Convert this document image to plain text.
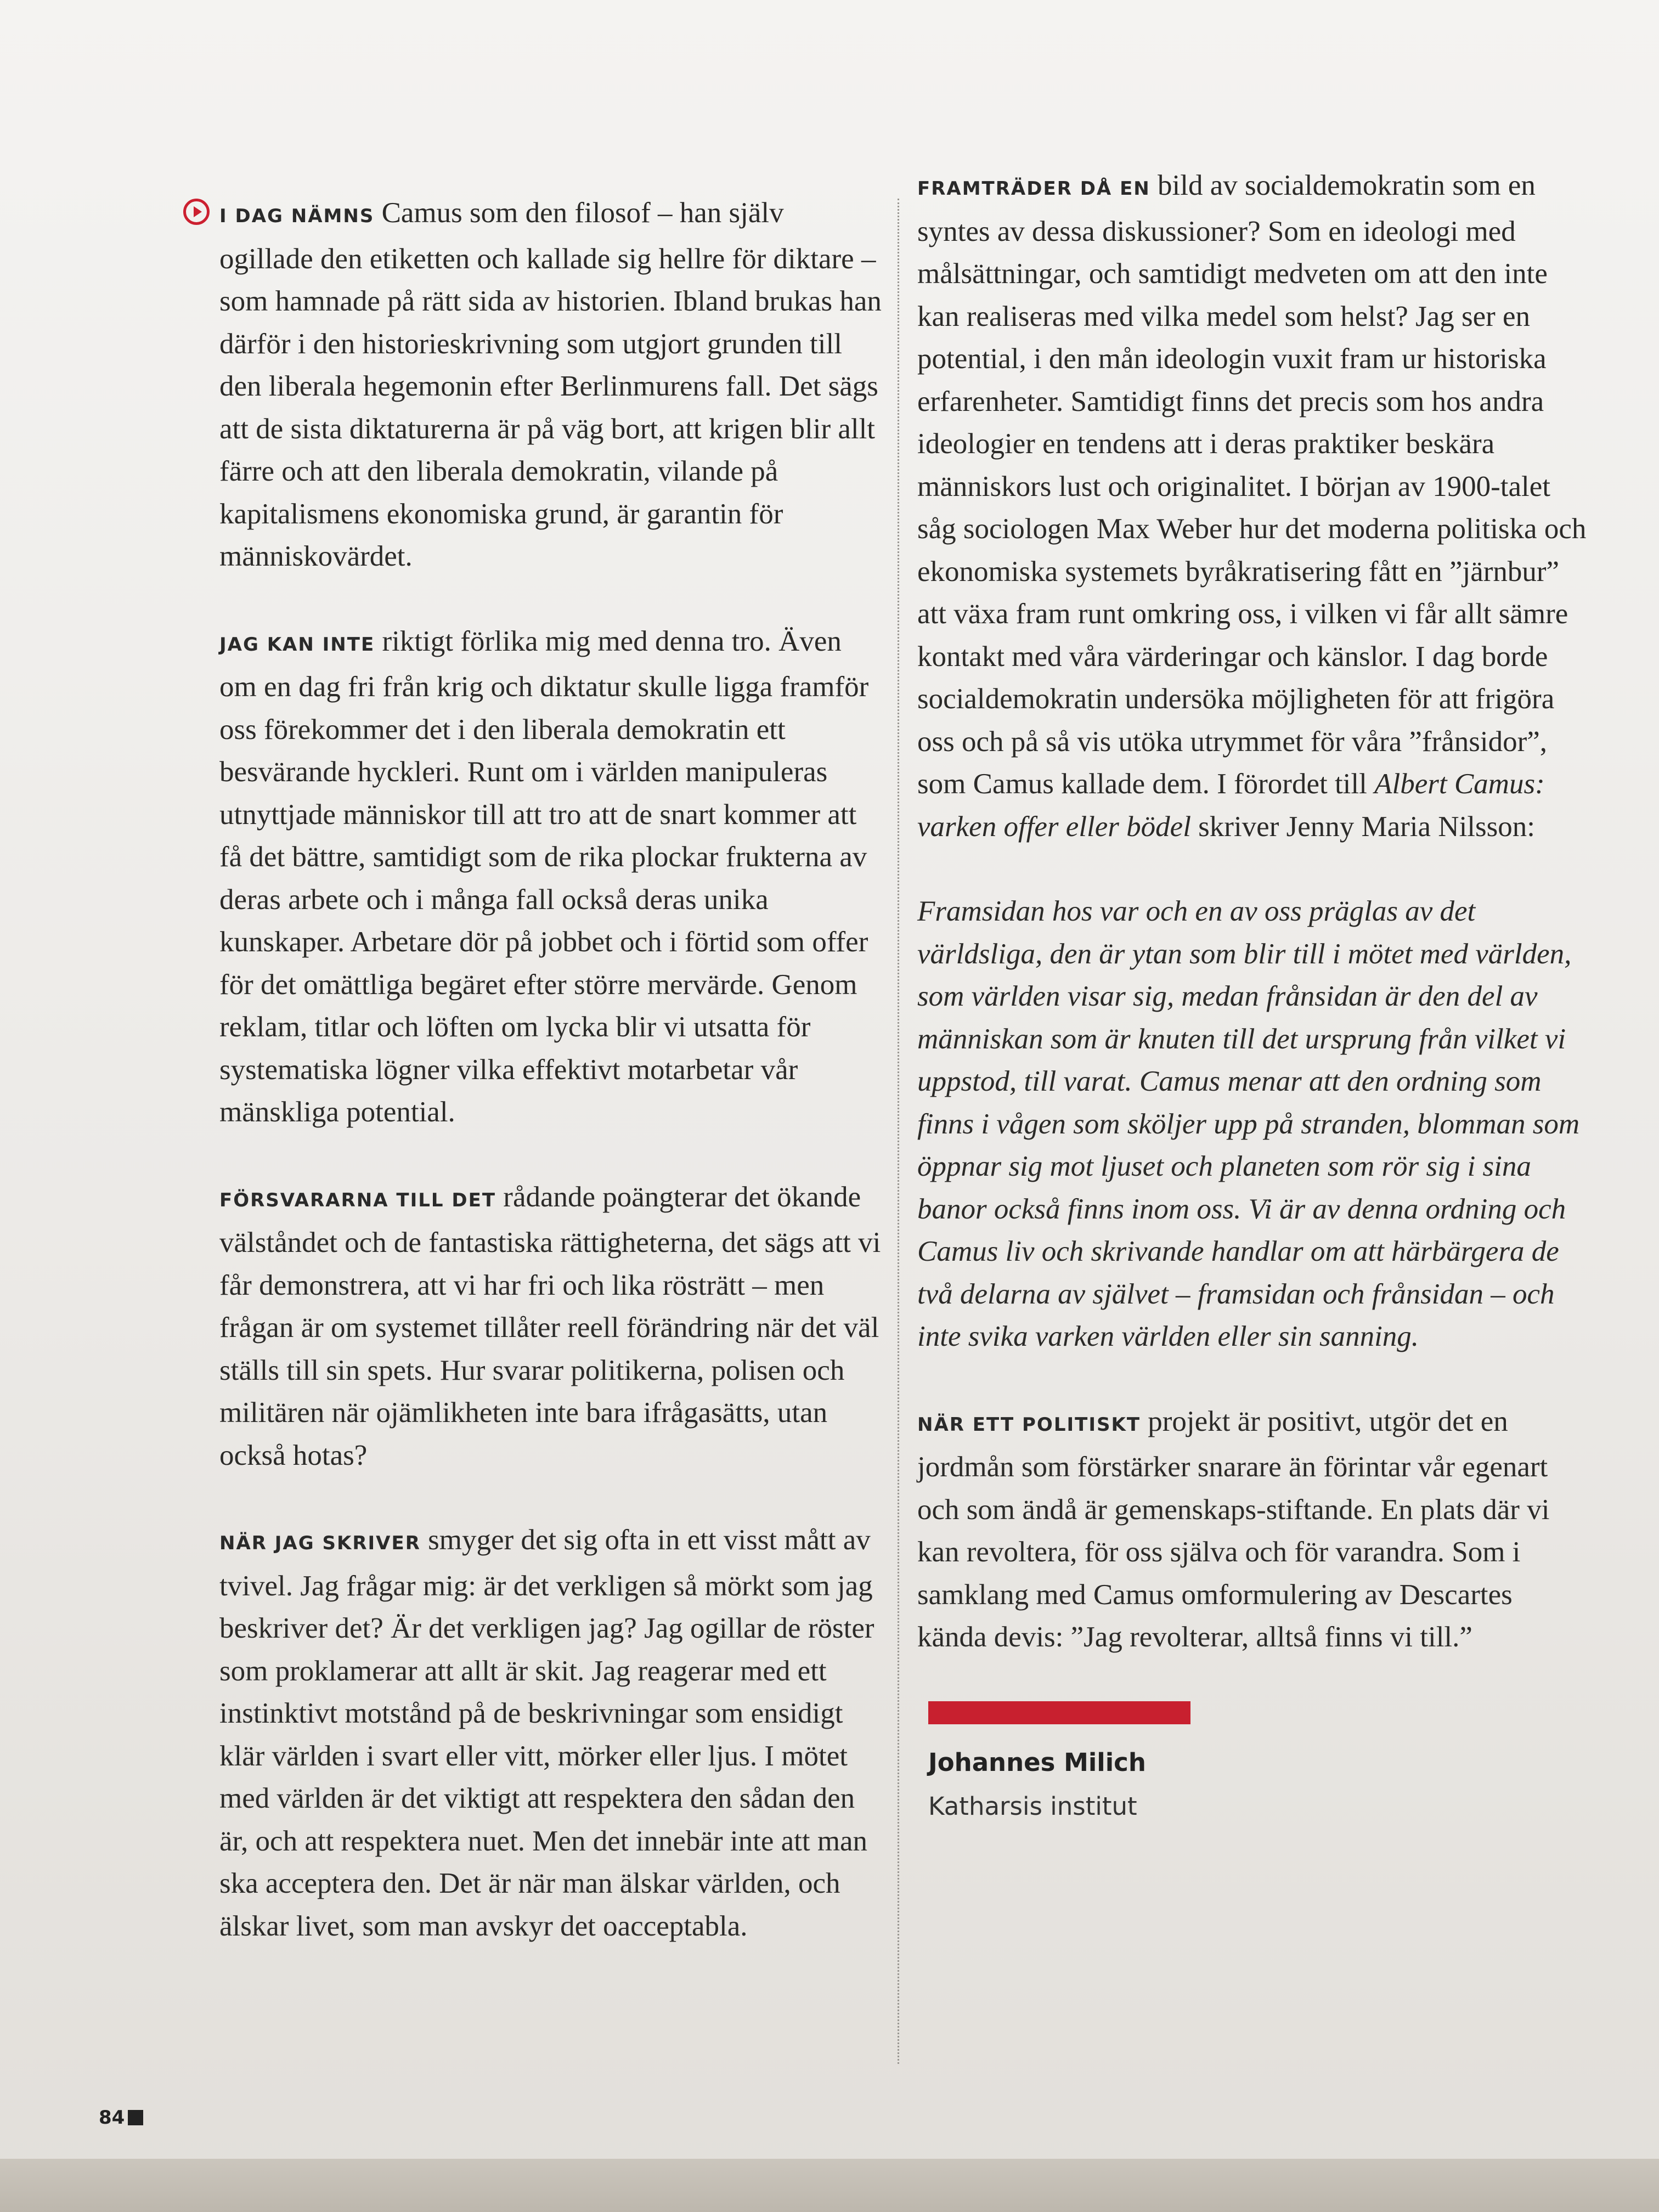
I DAG NÄMNS Camus som den filosof – han själv ogillade den etiketten och kallade sig hellre för diktare – som hamnade på rätt sida av historien. Ibland brukas han därför i den historieskrivning som utgjort grunden till den liberala hegemonin efter Berlinmurens fall. Det sägs att de sista diktaturerna är på väg bort, att krigen blir allt färre och att den liberala demokratin, vilande på kapitalismens ekonomiska grund, är garantin för människovärdet.

JAG KAN INTE riktigt förlika mig med denna tro. Även om en dag fri från krig och diktatur skulle ligga framför oss förekommer det i den liberala demokratin ett besvärande hyckleri. Runt om i världen manipuleras utnyttjade människor till att tro att de snart kommer att få det bättre, samtidigt som de rika plockar frukterna av deras arbete och i många fall också deras unika kunskaper. Arbetare dör på jobbet och i förtid som offer för det omättliga begäret efter större mervärde. Genom reklam, titlar och löften om lycka blir vi utsatta för systematiska lögner vilka effektivt motarbetar vår mänskliga potential.

FÖRSVARARNA TILL DET rådande poängterar det ökande välståndet och de fantastiska rättigheterna, det sägs att vi får demonstrera, att vi har fri och lika rösträtt – men frågan är om systemet tillåter reell förändring när det väl ställs till sin spets. Hur svarar politikerna, polisen och militären när ojämlikheten inte bara ifrågasätts, utan också hotas?

NÄR JAG SKRIVER smyger det sig ofta in ett visst mått av tvivel. Jag frågar mig: är det verkligen så mörkt som jag beskriver det? Är det verkligen jag? Jag ogillar de röster som proklamerar att allt är skit. Jag reagerar med ett instinktivt motstånd på de beskrivningar som ensidigt klär världen i svart eller vitt, mörker eller ljus. I mötet med världen är det viktigt att respektera den sådan den är, och att respektera nuet. Men det innebär inte att man ska acceptera den. Det är när man älskar världen, och älskar livet, som man avskyr det oacceptabla.

FRAMTRÄDER DÅ EN bild av socialdemokratin som en syntes av dessa diskussioner? Som en ideologi med målsättningar, och samtidigt medveten om att den inte kan realiseras med vilka medel som helst? Jag ser en potential, i den mån ideologin vuxit fram ur historiska erfarenheter. Samtidigt finns det precis som hos andra ideologier en tendens att i deras praktiker beskära människors lust och originalitet. I början av 1900-talet såg sociologen Max Weber hur det moderna politiska och ekonomiska systemets byråkratisering fått en ”järnbur” att växa fram runt omkring oss, i vilken vi får allt sämre kontakt med våra värderingar och känslor. I dag borde socialdemokratin undersöka möjligheten för att frigöra oss och på så vis utöka utrymmet för våra ”frånsidor”, som Camus kallade dem. I förordet till Albert Camus: varken offer eller bödel skriver Jenny Maria Nilsson:

Framsidan hos var och en av oss präglas av det världsliga, den är ytan som blir till i mötet med världen, som världen visar sig, medan frånsidan är den del av människan som är knuten till det ursprung från vilket vi uppstod, till varat. Camus menar att den ordning som finns i vågen som sköljer upp på stranden, blomman som öppnar sig mot ljuset och planeten som rör sig i sina banor också finns inom oss. Vi är av denna ordning och Camus liv och skrivande handlar om att härbärgera de två delarna av självet – framsidan och frånsidan – och inte svika varken världen eller sin sanning.

NÄR ETT POLITISKT projekt är positivt, utgör det en jordmån som förstärker snarare än förintar vår egenart och som ändå är gemenskaps-stiftande. En plats där vi kan revoltera, för oss själva och för varandra. Som i samklang med Camus omformulering av Descartes kända devis: ”Jag revolterar, alltså finns vi till.”

Johannes Milich
Katharsis institut
84
